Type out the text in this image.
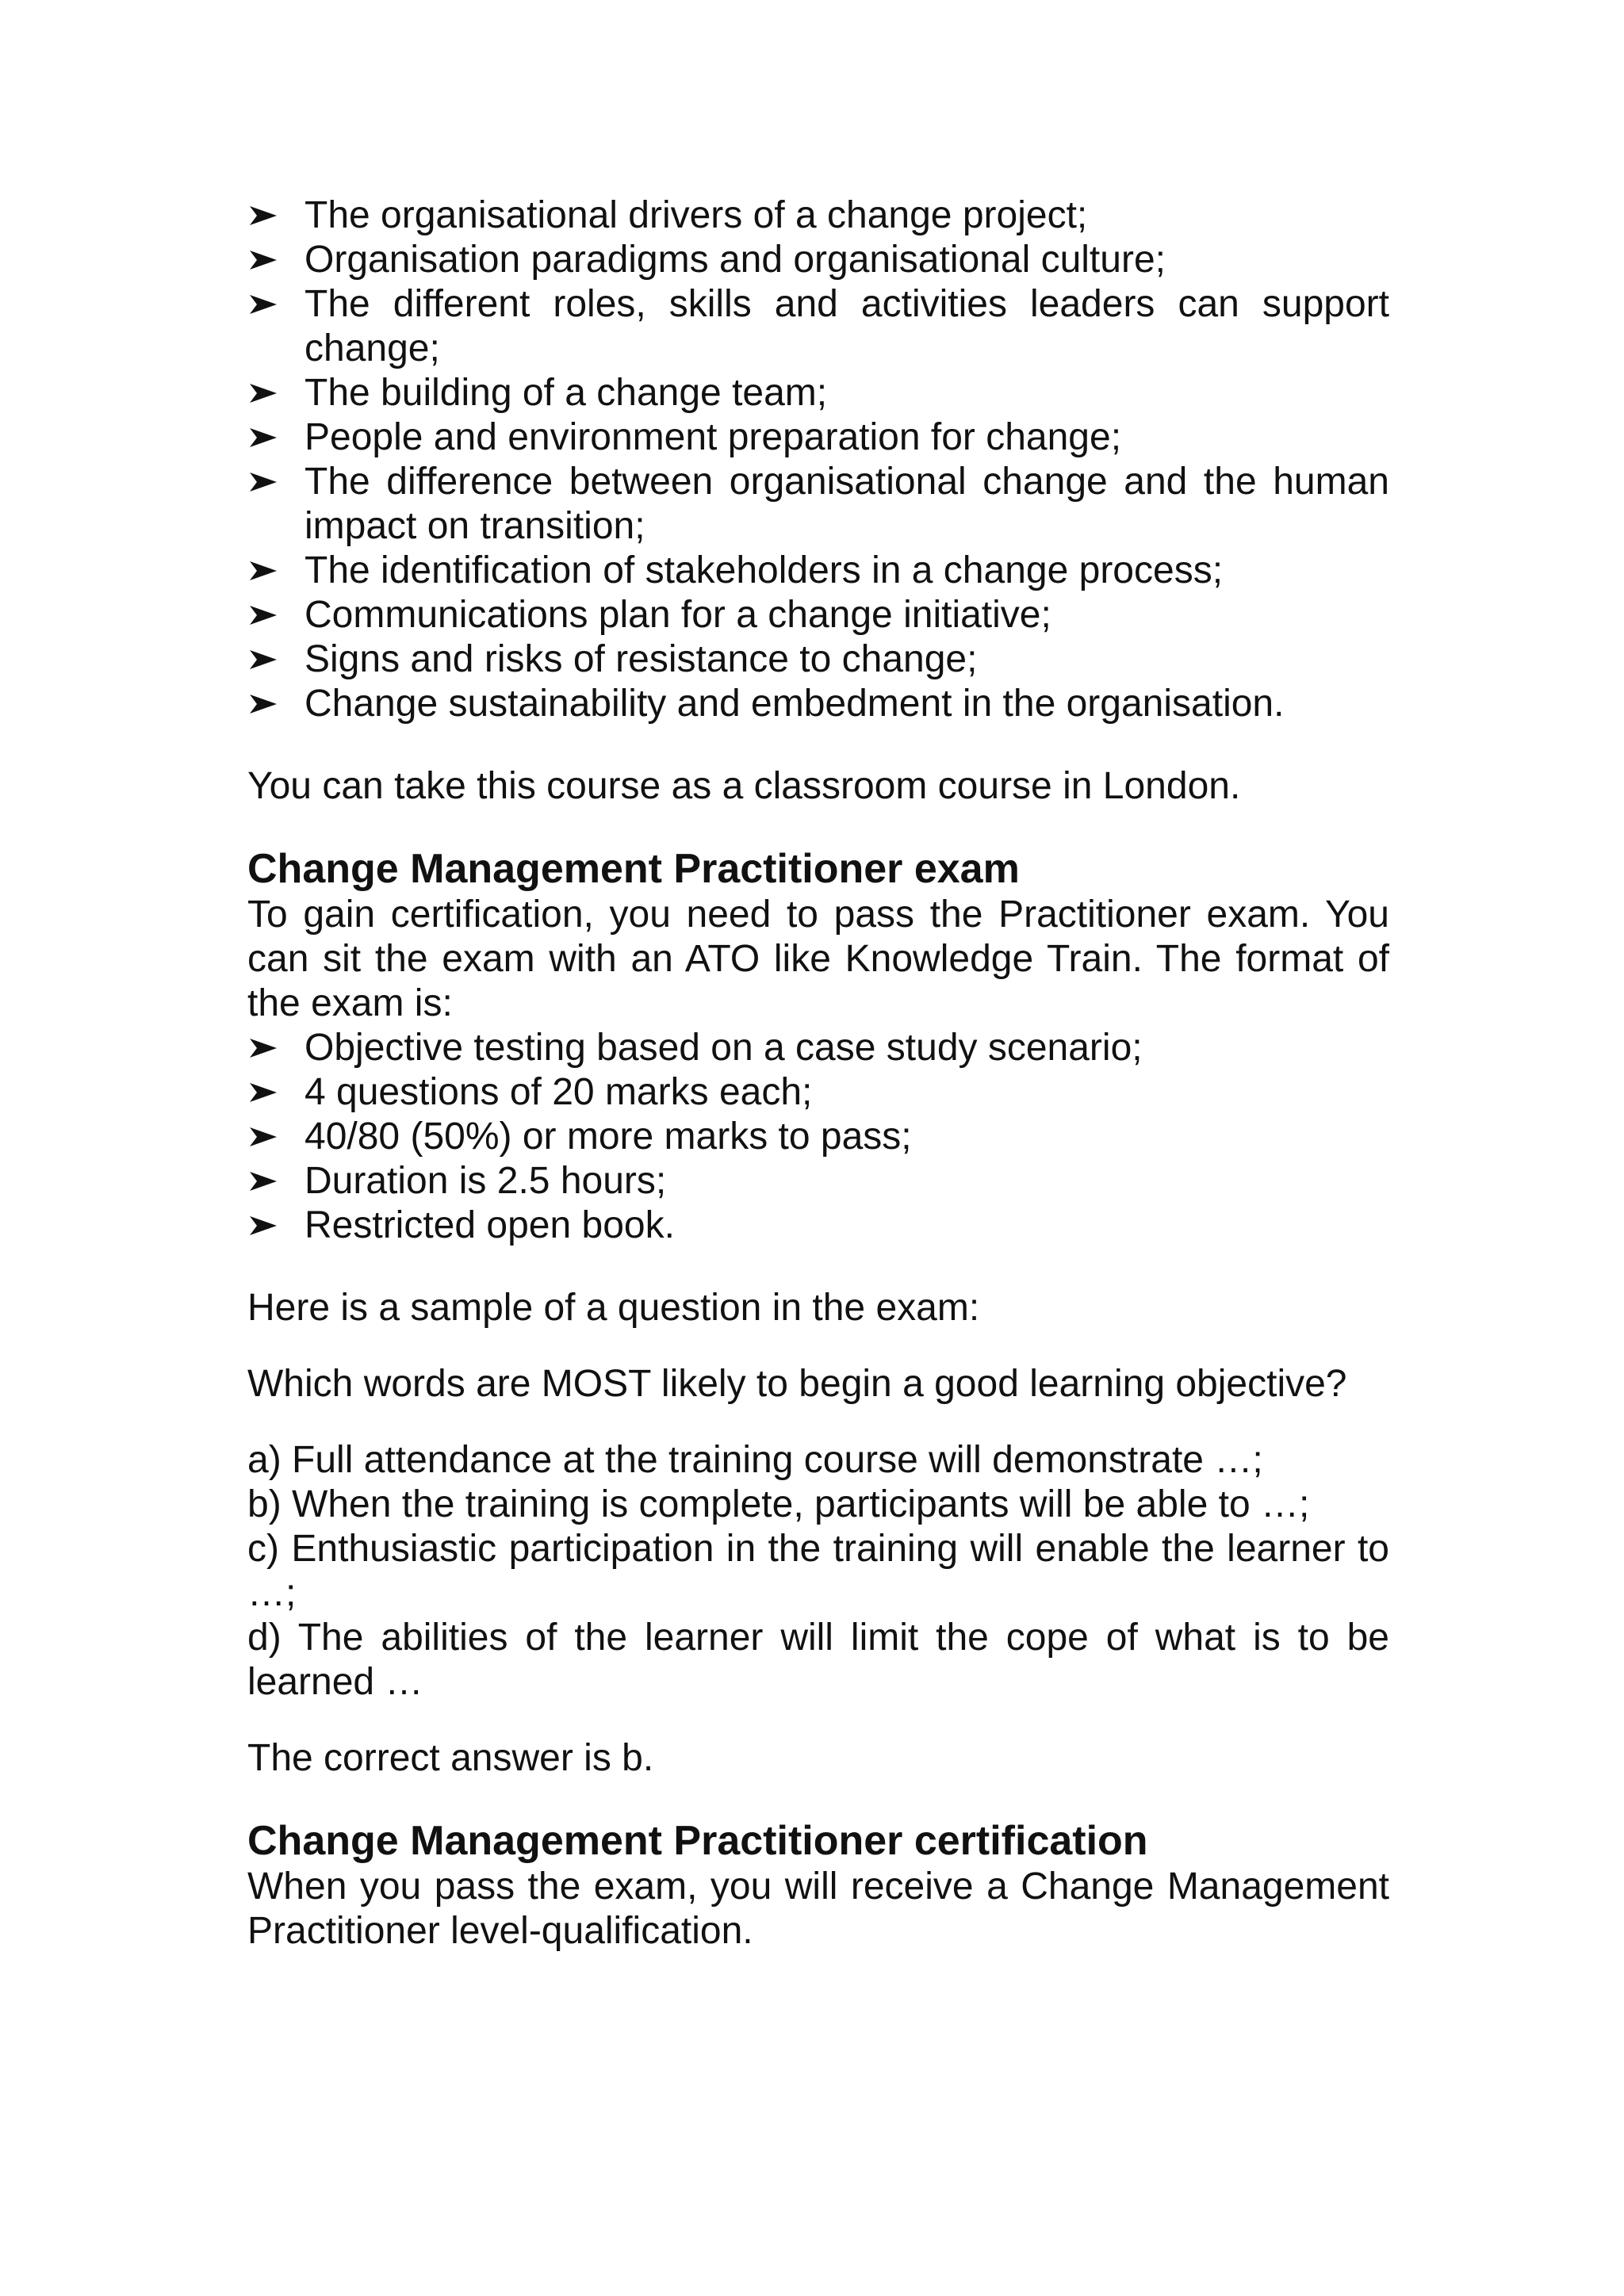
The organisational drivers of a change project;
Organisation paradigms and organisational culture;
The different roles, skills and activities leaders can support change;
The building of a change team;
People and environment preparation for change;
The difference between organisational change and the human impact on transition;
The identification of stakeholders in a change process;
Communications plan for a change initiative;
Signs and risks of resistance to change;
Change sustainability and embedment in the organisation.

You can take this course as a classroom course in London.

Change Management Practitioner exam

To gain certification, you need to pass the Practitioner exam. You can sit the exam with an ATO like Knowledge Train. The format of the exam is:

Objective testing based on a case study scenario;
4 questions of 20 marks each;
40/80 (50%) or more marks to pass;
Duration is 2.5 hours;
Restricted open book.

Here is a sample of a question in the exam:

Which words are MOST likely to begin a good learning objective?

a) Full attendance at the training course will demonstrate …;

b) When the training is complete, participants will be able to …;

c) Enthusiastic participation in the training will enable the learner to …;

d) The abilities of the learner will limit the cope of what is to be learned …

The correct answer is b.

Change Management Practitioner certification

When you pass the exam, you will receive a Change Management Practitioner level-qualification.
